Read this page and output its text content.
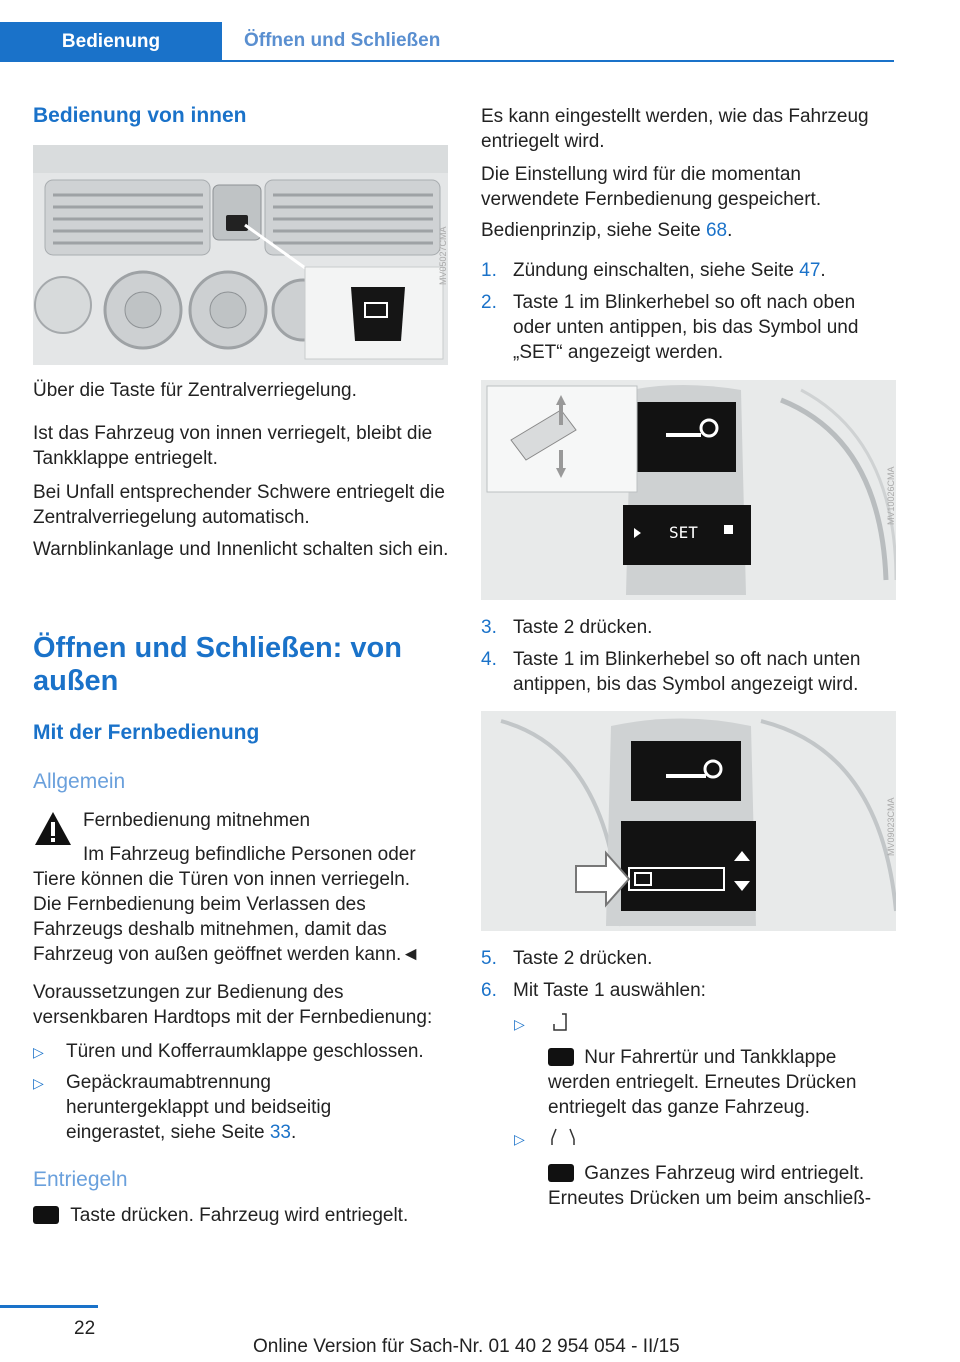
Bedienung	Öffnen und Schließen
Bedienung von innen
MV05027CMA
Über die Taste für Zentralverriegelung.
Ist das Fahrzeug von innen verriegelt, bleibt die Tankklappe entriegelt.
Bei Unfall entsprechender Schwere entriegelt die Zentralverriegelung automatisch.
Warnblinkanlage und Innenlicht schalten sich ein.
Öffnen und Schließen: von außen
Mit der Fernbedienung
Allgemein
Fernbedienung mitnehmen
Im Fahrzeug befindliche Personen oder Tiere können die Türen von innen verriegeln. Die Fernbedienung beim Verlassen des Fahrzeugs deshalb mitnehmen, damit das Fahrzeug von außen geöffnet werden kann.◄
Voraussetzungen zur Bedienung des versenkbaren Hardtops mit der Fernbedienung:
▷ Türen und Kofferraumklappe geschlossen.
▷ Gepäckraumabtrennung heruntergeklappt und beidseitig eingerastet, siehe Seite 33.
Entriegeln
Taste drücken. Fahrzeug wird entriegelt.
Es kann eingestellt werden, wie das Fahrzeug entriegelt wird.
Die Einstellung wird für die momentan verwendete Fernbedienung gespeichert.
Bedienprinzip, siehe Seite 68.
1. Zündung einschalten, siehe Seite 47.
2. Taste 1 im Blinkerhebel so oft nach oben oder unten antippen, bis das Symbol und „SET“ angezeigt werden.
SET
MV10026CMA
3. Taste 2 drücken.
4. Taste 1 im Blinkerhebel so oft nach unten antippen, bis das Symbol angezeigt wird.
MV09023CMA
5. Taste 2 drücken.
6. Mit Taste 1 auswählen:
▷
Nur Fahrertür und Tankklappe werden entriegelt. Erneutes Drücken entriegelt das ganze Fahrzeug.
▷
Ganzes Fahrzeug wird entriegelt. Erneutes Drücken um beim anschließ-
22
Online Version für Sach-Nr. 01 40 2 954 054 - II/15
